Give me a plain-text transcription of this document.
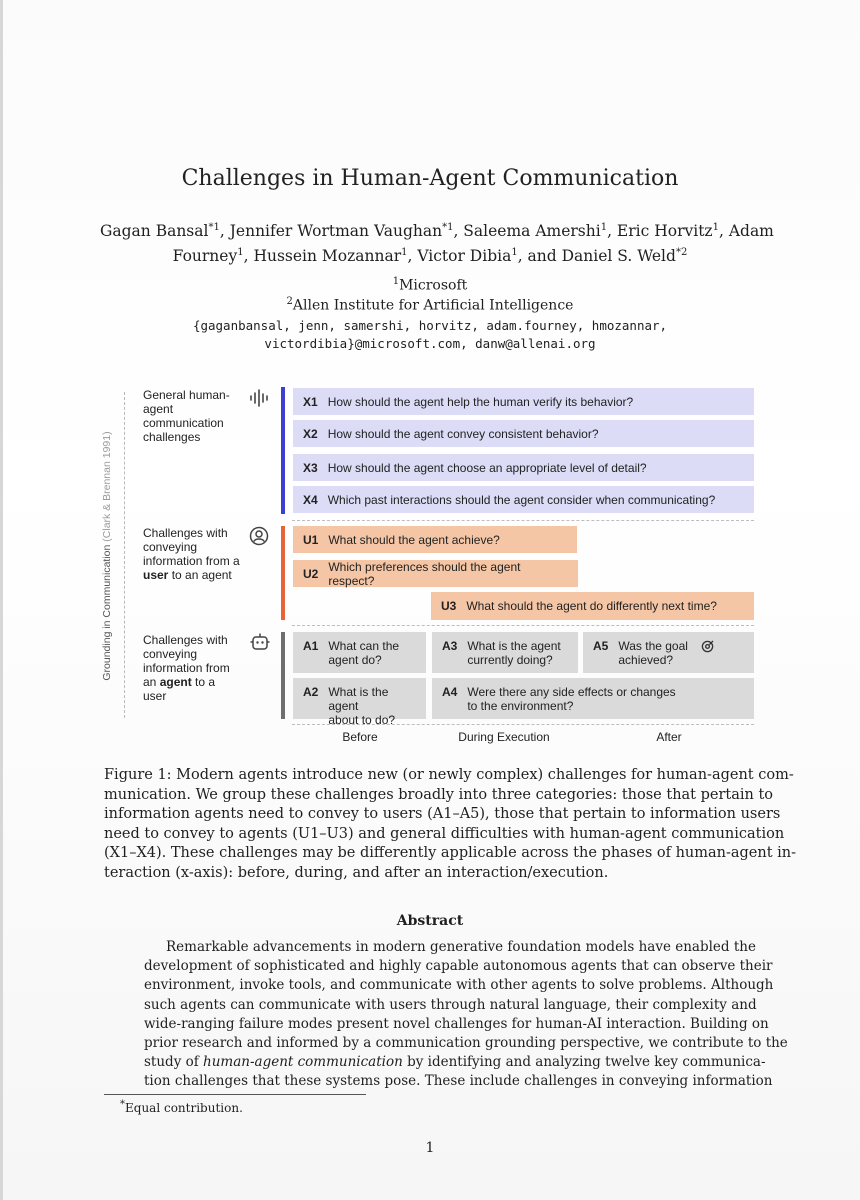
Challenges in Human-Agent Communication
Gagan Bansal$^{*1}$, Jennifer Wortman Vaughan$^{*1}$, Saleema Amershi$^1$, Eric Horvitz$^1$, Adam
Fourney$^1$, Hussein Mozannar$^1$, Victor Dibia$^1$, and Daniel S. Weld$^{*2}$
$^1$Microsoft
$^2$Allen Institute for Artificial Intelligence
{gaganbansal, jenn, samershi, horvitz, adam.fourney, hmozannar,
victordibia}@microsoft.com, danw@allenai.org
Grounding in Communication (Clark & Brennan 1991)
General human-
agent
communication
challenges
X1 How should the agent help the human verify its behavior?
X2 How should the agent convey consistent behavior?
X3 How should the agent choose an appropriate level of detail?
X4 Which past interactions should the agent consider when communicating?
Challenges with
conveying
information from a
user to an agent
U1 What should the agent achieve?
U2 Which preferences should the agent respect?
U3 What should the agent do differently next time?
Challenges with
conveying
information from
an agent to a
user
A1 What can the
agent do?
A3 What is the agent
currently doing?
A5 Was the goal
achieved?
A2 What is the agent
about to do?
A4 Were there any side effects or changes
to the environment?
Before	During Execution	After
Figure 1: Modern agents introduce new (or newly complex) challenges for human-agent com-
munication. We group these challenges broadly into three categories: those that pertain to
information agents need to convey to users (A1–A5), those that pertain to information users
need to convey to agents (U1–U3) and general difficulties with human-agent communication
(X1–X4). These challenges may be differently applicable across the phases of human-agent in-
teraction (x-axis): before, during, and after an interaction/execution.
Abstract
Remarkable advancements in modern generative foundation models have enabled the
development of sophisticated and highly capable autonomous agents that can observe their
environment, invoke tools, and communicate with other agents to solve problems. Although
such agents can communicate with users through natural language, their complexity and
wide-ranging failure modes present novel challenges for human-AI interaction. Building on
prior research and informed by a communication grounding perspective, we contribute to the
study of human-agent communication by identifying and analyzing twelve key communica-
tion challenges that these systems pose. These include challenges in conveying information
*Equal contribution.
1
